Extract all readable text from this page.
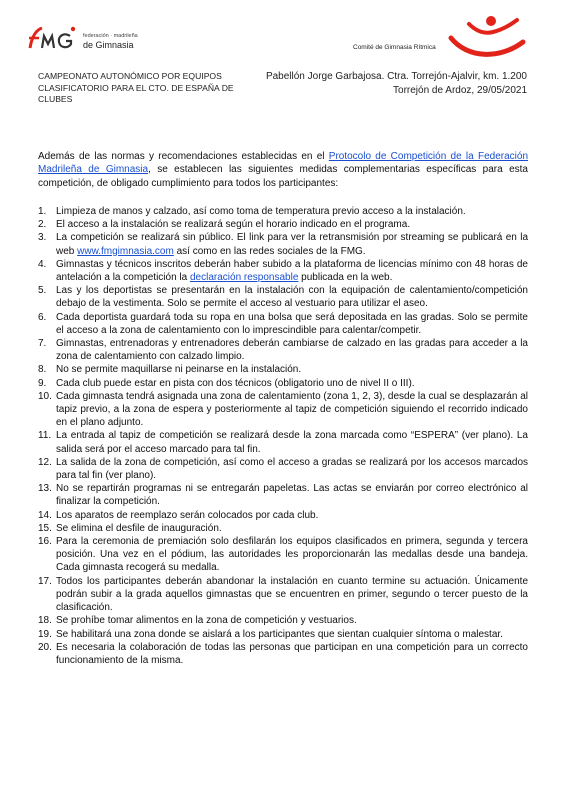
federación · madrileña
de Gimnasia	Comité de Gimnasia Rítmica
CAMPEONATO AUTONÓMICO POR EQUIPOS CLASIFICATORIO PARA EL CTO. DE ESPAÑA DE CLUBES
Pabellón Jorge Garbajosa. Ctra. Torrejón-Ajalvir, km. 1.200
Torrejón de Ardoz, 29/05/2021
Además de las normas y recomendaciones establecidas en el Protocolo de Competición de la Federación Madrileña de Gimnasia, se establecen las siguientes medidas complementarias específicas para esta competición, de obligado cumplimiento para todos los participantes:
1. Limpieza de manos y calzado, así como toma de temperatura previo acceso a la instalación.
2. El acceso a la instalación se realizará según el horario indicado en el programa.
3. La competición se realizará sin público. El link para ver la retransmisión por streaming se publicará en la web www.fmgimnasia.com así como en las redes sociales de la FMG.
4. Gimnastas y técnicos inscritos deberán haber subido a la plataforma de licencias mínimo con 48 horas de antelación a la competición la declaración responsable publicada en la web.
5. Las y los deportistas se presentarán en la instalación con la equipación de calentamiento/competición debajo de la vestimenta. Solo se permite el acceso al vestuario para utilizar el aseo.
6. Cada deportista guardará toda su ropa en una bolsa que será depositada en las gradas. Solo se permite el acceso a la zona de calentamiento con lo imprescindible para calentar/competir.
7. Gimnastas, entrenadoras y entrenadores deberán cambiarse de calzado en las gradas para acceder a la zona de calentamiento con calzado limpio.
8. No se permite maquillarse ni peinarse en la instalación.
9. Cada club puede estar en pista con dos técnicos (obligatorio uno de nivel II o III).
10. Cada gimnasta tendrá asignada una zona de calentamiento (zona 1, 2, 3), desde la cual se desplazarán al tapiz previo, a la zona de espera y posteriormente al tapiz de competición siguiendo el recorrido indicado en el plano adjunto.
11. La entrada al tapiz de competición se realizará desde la zona marcada como “ESPERA” (ver plano). La salida será por el acceso marcado para tal fin.
12. La salida de la zona de competición, así como el acceso a gradas se realizará por los accesos marcados para tal fin (ver plano).
13. No se repartirán programas ni se entregarán papeletas. Las actas se enviarán por correo electrónico al finalizar la competición.
14. Los aparatos de reemplazo serán colocados por cada club.
15. Se elimina el desfile de inauguración.
16. Para la ceremonia de premiación solo desfilarán los equipos clasificados en primera, segunda y tercera posición. Una vez en el pódium, las autoridades les proporcionarán las medallas desde una bandeja. Cada gimnasta recogerá su medalla.
17. Todos los participantes deberán abandonar la instalación en cuanto termine su actuación. Únicamente podrán subir a la grada aquellos gimnastas que se encuentren en primer, segundo o tercer puesto de la clasificación.
18. Se prohíbe tomar alimentos en la zona de competición y vestuarios.
19. Se habilitará una zona donde se aislará a los participantes que sientan cualquier síntoma o malestar.
20. Es necesaria la colaboración de todas las personas que participan en una competición para un correcto funcionamiento de la misma.
